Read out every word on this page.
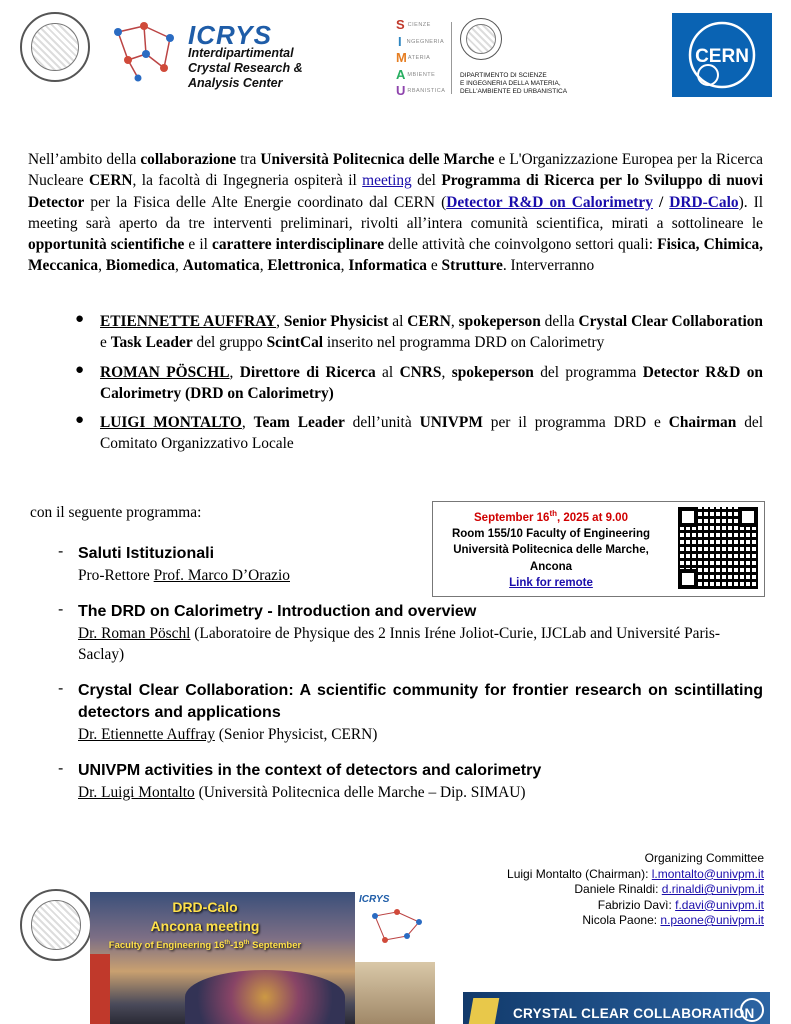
ICRYS
Interdipartimental
Crystal Research &
Analysis Center
S CIENZE
I NGEGNERIA
M ATERIA
A MBIENTE
U RBANISTICA
DIPARTIMENTO DI SCIENZE
E INGEGNERIA DELLA MATERIA,
DELL'AMBIENTE ED URBANISTICA
CERN
Nell’ambito della collaborazione tra Università Politecnica delle Marche e L'Organizzazione Europea per la Ricerca Nucleare CERN, la facoltà di Ingegneria ospiterà il meeting del Programma di Ricerca per lo Sviluppo di nuovi Detector per la Fisica delle Alte Energie coordinato dal CERN (Detector R&D on Calorimetry / DRD-Calo). Il meeting sarà aperto da tre interventi preliminari, rivolti all’intera comunità scientifica, mirati a sottolineare le opportunità scientifiche e il carattere interdisciplinare delle attività che coinvolgono settori quali: Fisica, Chimica, Meccanica, Biomedica, Automatica, Elettronica, Informatica e Strutture. Interverranno
●	ETIENNETTE AUFFRAY, Senior Physicist al CERN, spokeperson della Crystal Clear Collaboration e Task Leader del gruppo ScintCal inserito nel programma DRD on Calorimetry
●	ROMAN PÖSCHL, Direttore di Ricerca al CNRS, spokeperson del programma Detector R&D on Calorimetry (DRD on Calorimetry)
●	LUIGI MONTALTO, Team Leader dell’unità UNIVPM per il programma DRD e Chairman del Comitato Organizzativo Locale
con il seguente programma:	September 16th, 2025 at 9.00
Room 155/10 Faculty of Engineering
Università Politecnica delle Marche,
Ancona
Link for remote
- Saluti Istituzionali
Pro-Rettore Prof. Marco D’Orazio
- The DRD on Calorimetry - Introduction and overview
Dr. Roman Pöschl (Laboratoire de Physique des 2 Innis Iréne Joliot-Curie, IJCLab and Université Paris-Saclay)
- Crystal Clear Collaboration: A scientific community for frontier research on scintillating detectors and applications
Dr. Etiennette Auffray (Senior Physicist, CERN)
- UNIVPM activities in the context of detectors and calorimetry
Dr. Luigi Montalto (Università Politecnica delle Marche – Dip. SIMAU)
Organizing Committee
Luigi Montalto (Chairman): l.montalto@univpm.it
Daniele Rinaldi: d.rinaldi@univpm.it
Fabrizio Davì: f.davi@univpm.it
Nicola Paone: n.paone@univpm.it
DRD-Calo
Ancona meeting
Faculty of Engineering 16th-19th September
ICRYS
CRYSTAL CLEAR COLLABORATION
